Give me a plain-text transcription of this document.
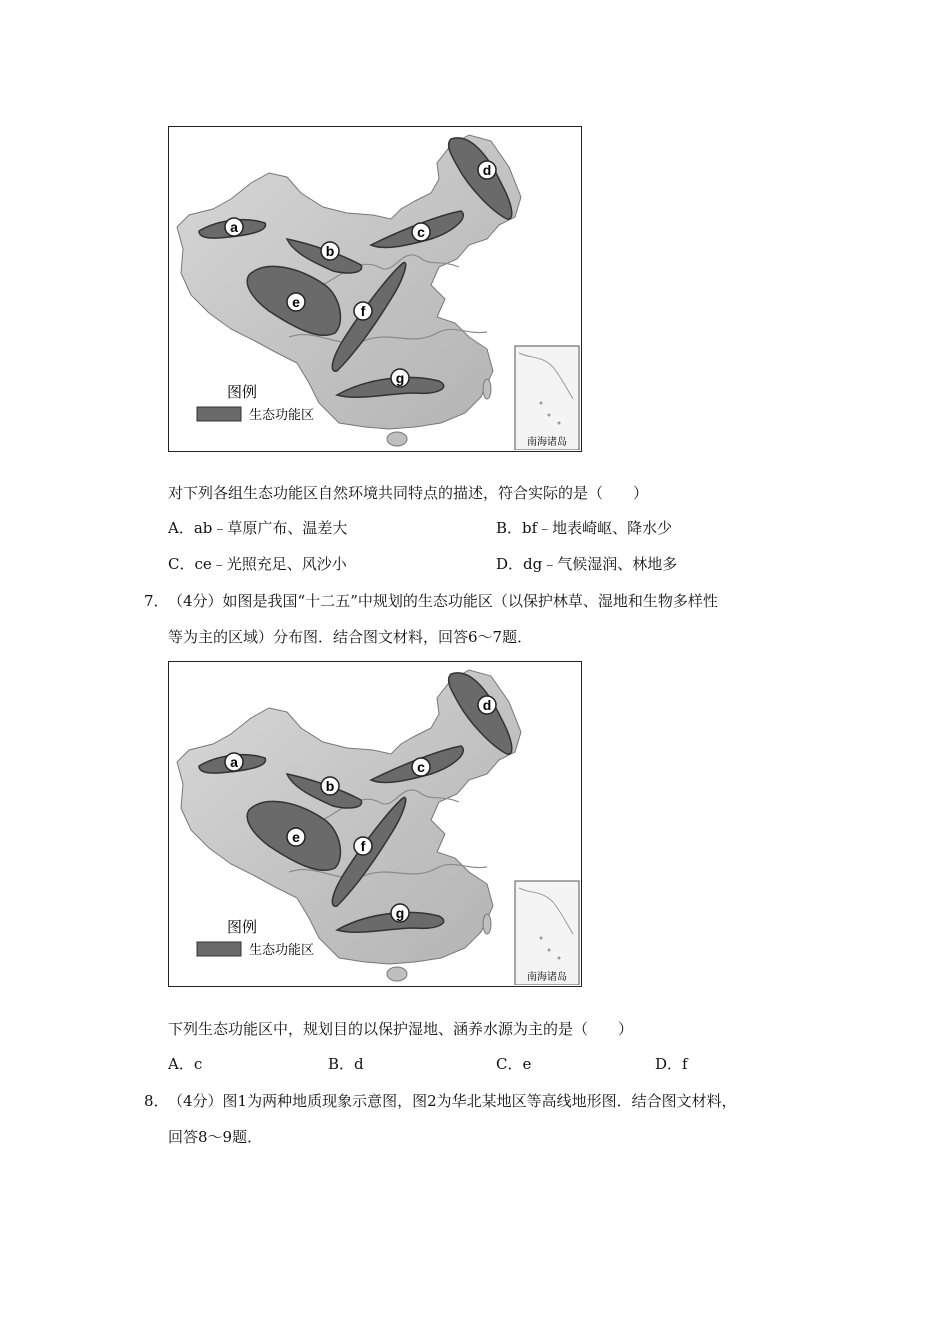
a
b
c
d
e
f
g
图例
生态功能区
南海诸岛
对下列各组生态功能区自然环境共同特点的描述，符合实际的是（　　）
A．ab﹣草原广布、温差大	B．bf﹣地表崎岖、降水少
C．ce﹣光照充足、风沙小	D．dg﹣气候湿润、林地多
7． （4分）如图是我国“十二五”中规划的生态功能区（以保护林草、湿地和生物多样性
等为主的区域）分布图．结合图文材料，回答6～7题．
a
b
c
d
e
f
g
图例
生态功能区
南海诸岛
下列生态功能区中，规划目的以保护湿地、涵养水源为主的是（　　）
A．c	B．d	C．e	D．f
8． （4分）图1为两种地质现象示意图，图2为华北某地区等高线地形图．结合图文材料，
回答8～9题．
